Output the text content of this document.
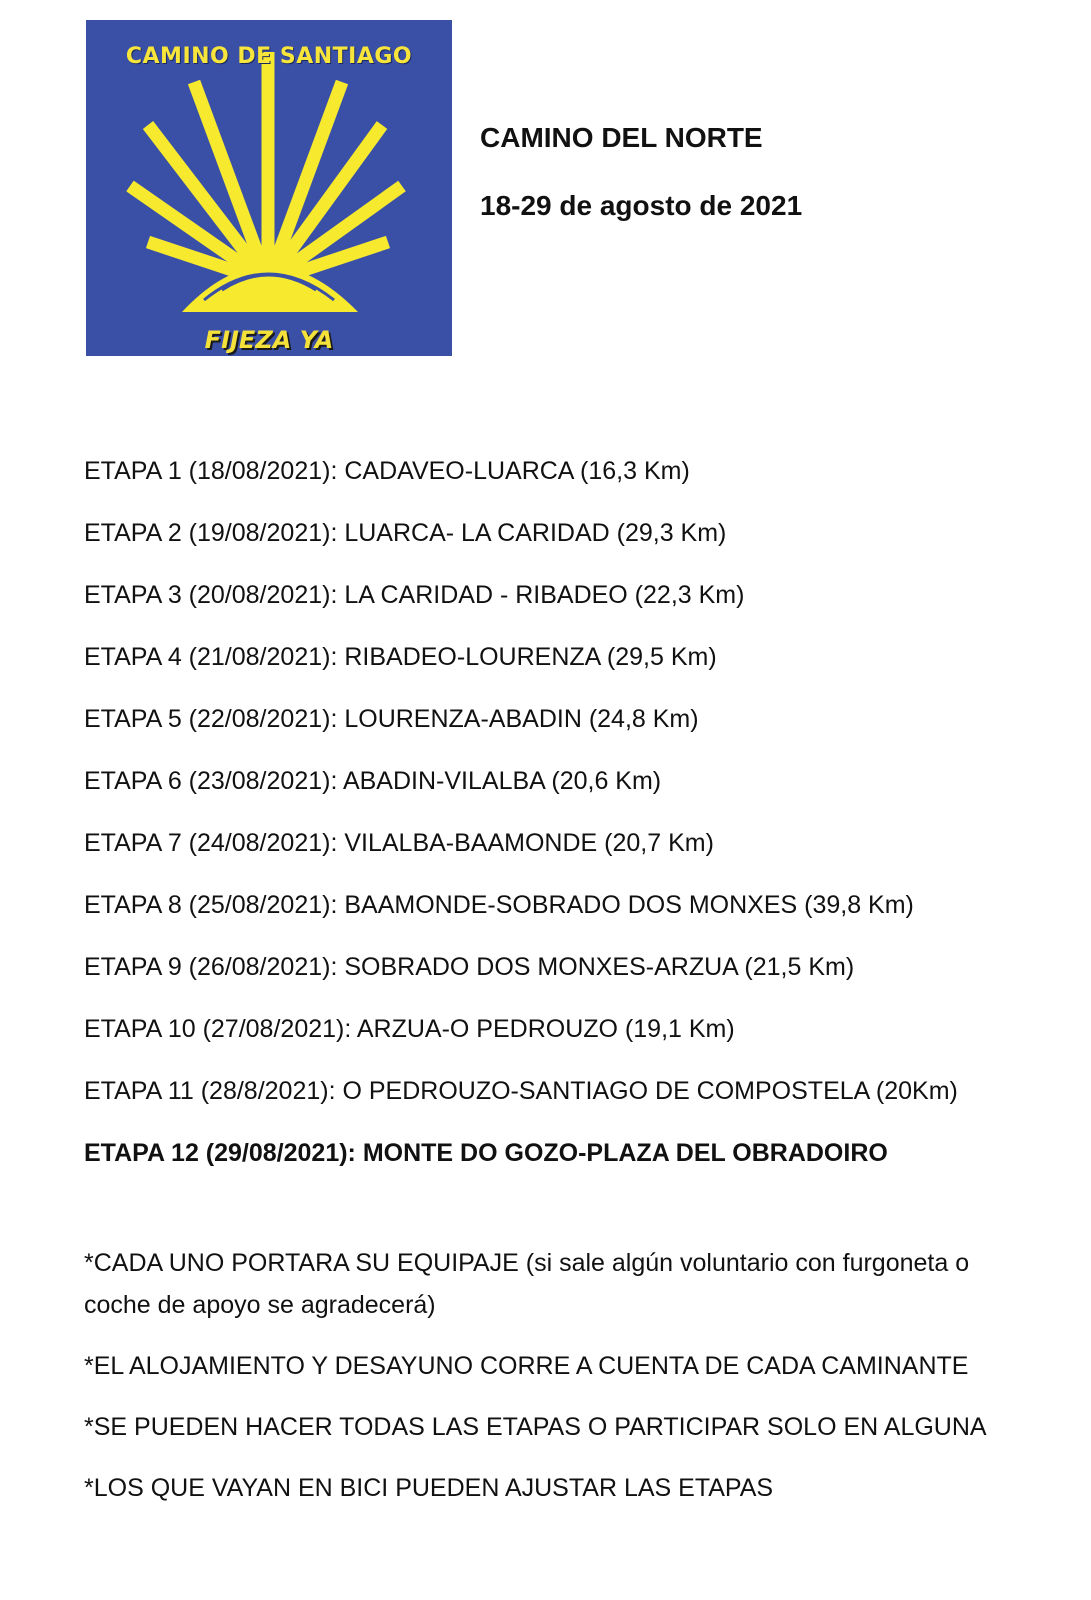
CAMINO DE SANTIAGO
FIJEZA YA
CAMINO DEL NORTE
18-29 de agosto de 2021
ETAPA 1 (18/08/2021): CADAVEO-LUARCA (16,3 Km)
ETAPA 2 (19/08/2021): LUARCA- LA CARIDAD (29,3 Km)
ETAPA 3 (20/08/2021): LA CARIDAD - RIBADEO (22,3 Km)
ETAPA 4 (21/08/2021): RIBADEO-LOURENZA (29,5 Km)
ETAPA 5 (22/08/2021): LOURENZA-ABADIN (24,8 Km)
ETAPA 6 (23/08/2021): ABADIN-VILALBA (20,6 Km)
ETAPA 7 (24/08/2021): VILALBA-BAAMONDE (20,7 Km)
ETAPA 8 (25/08/2021): BAAMONDE-SOBRADO DOS MONXES (39,8 Km)
ETAPA 9 (26/08/2021): SOBRADO DOS MONXES-ARZUA (21,5 Km)
ETAPA 10 (27/08/2021): ARZUA-O PEDROUZO (19,1 Km)
ETAPA 11 (28/8/2021): O PEDROUZO-SANTIAGO DE COMPOSTELA (20Km)
ETAPA 12 (29/08/2021): MONTE DO GOZO-PLAZA DEL OBRADOIRO
*CADA UNO PORTARA SU EQUIPAJE (si sale algún voluntario con furgoneta o coche de apoyo se agradecerá)
*EL ALOJAMIENTO Y DESAYUNO CORRE A CUENTA DE CADA CAMINANTE
*SE PUEDEN HACER TODAS LAS ETAPAS O PARTICIPAR SOLO EN ALGUNA
*LOS QUE VAYAN EN BICI PUEDEN AJUSTAR LAS ETAPAS
